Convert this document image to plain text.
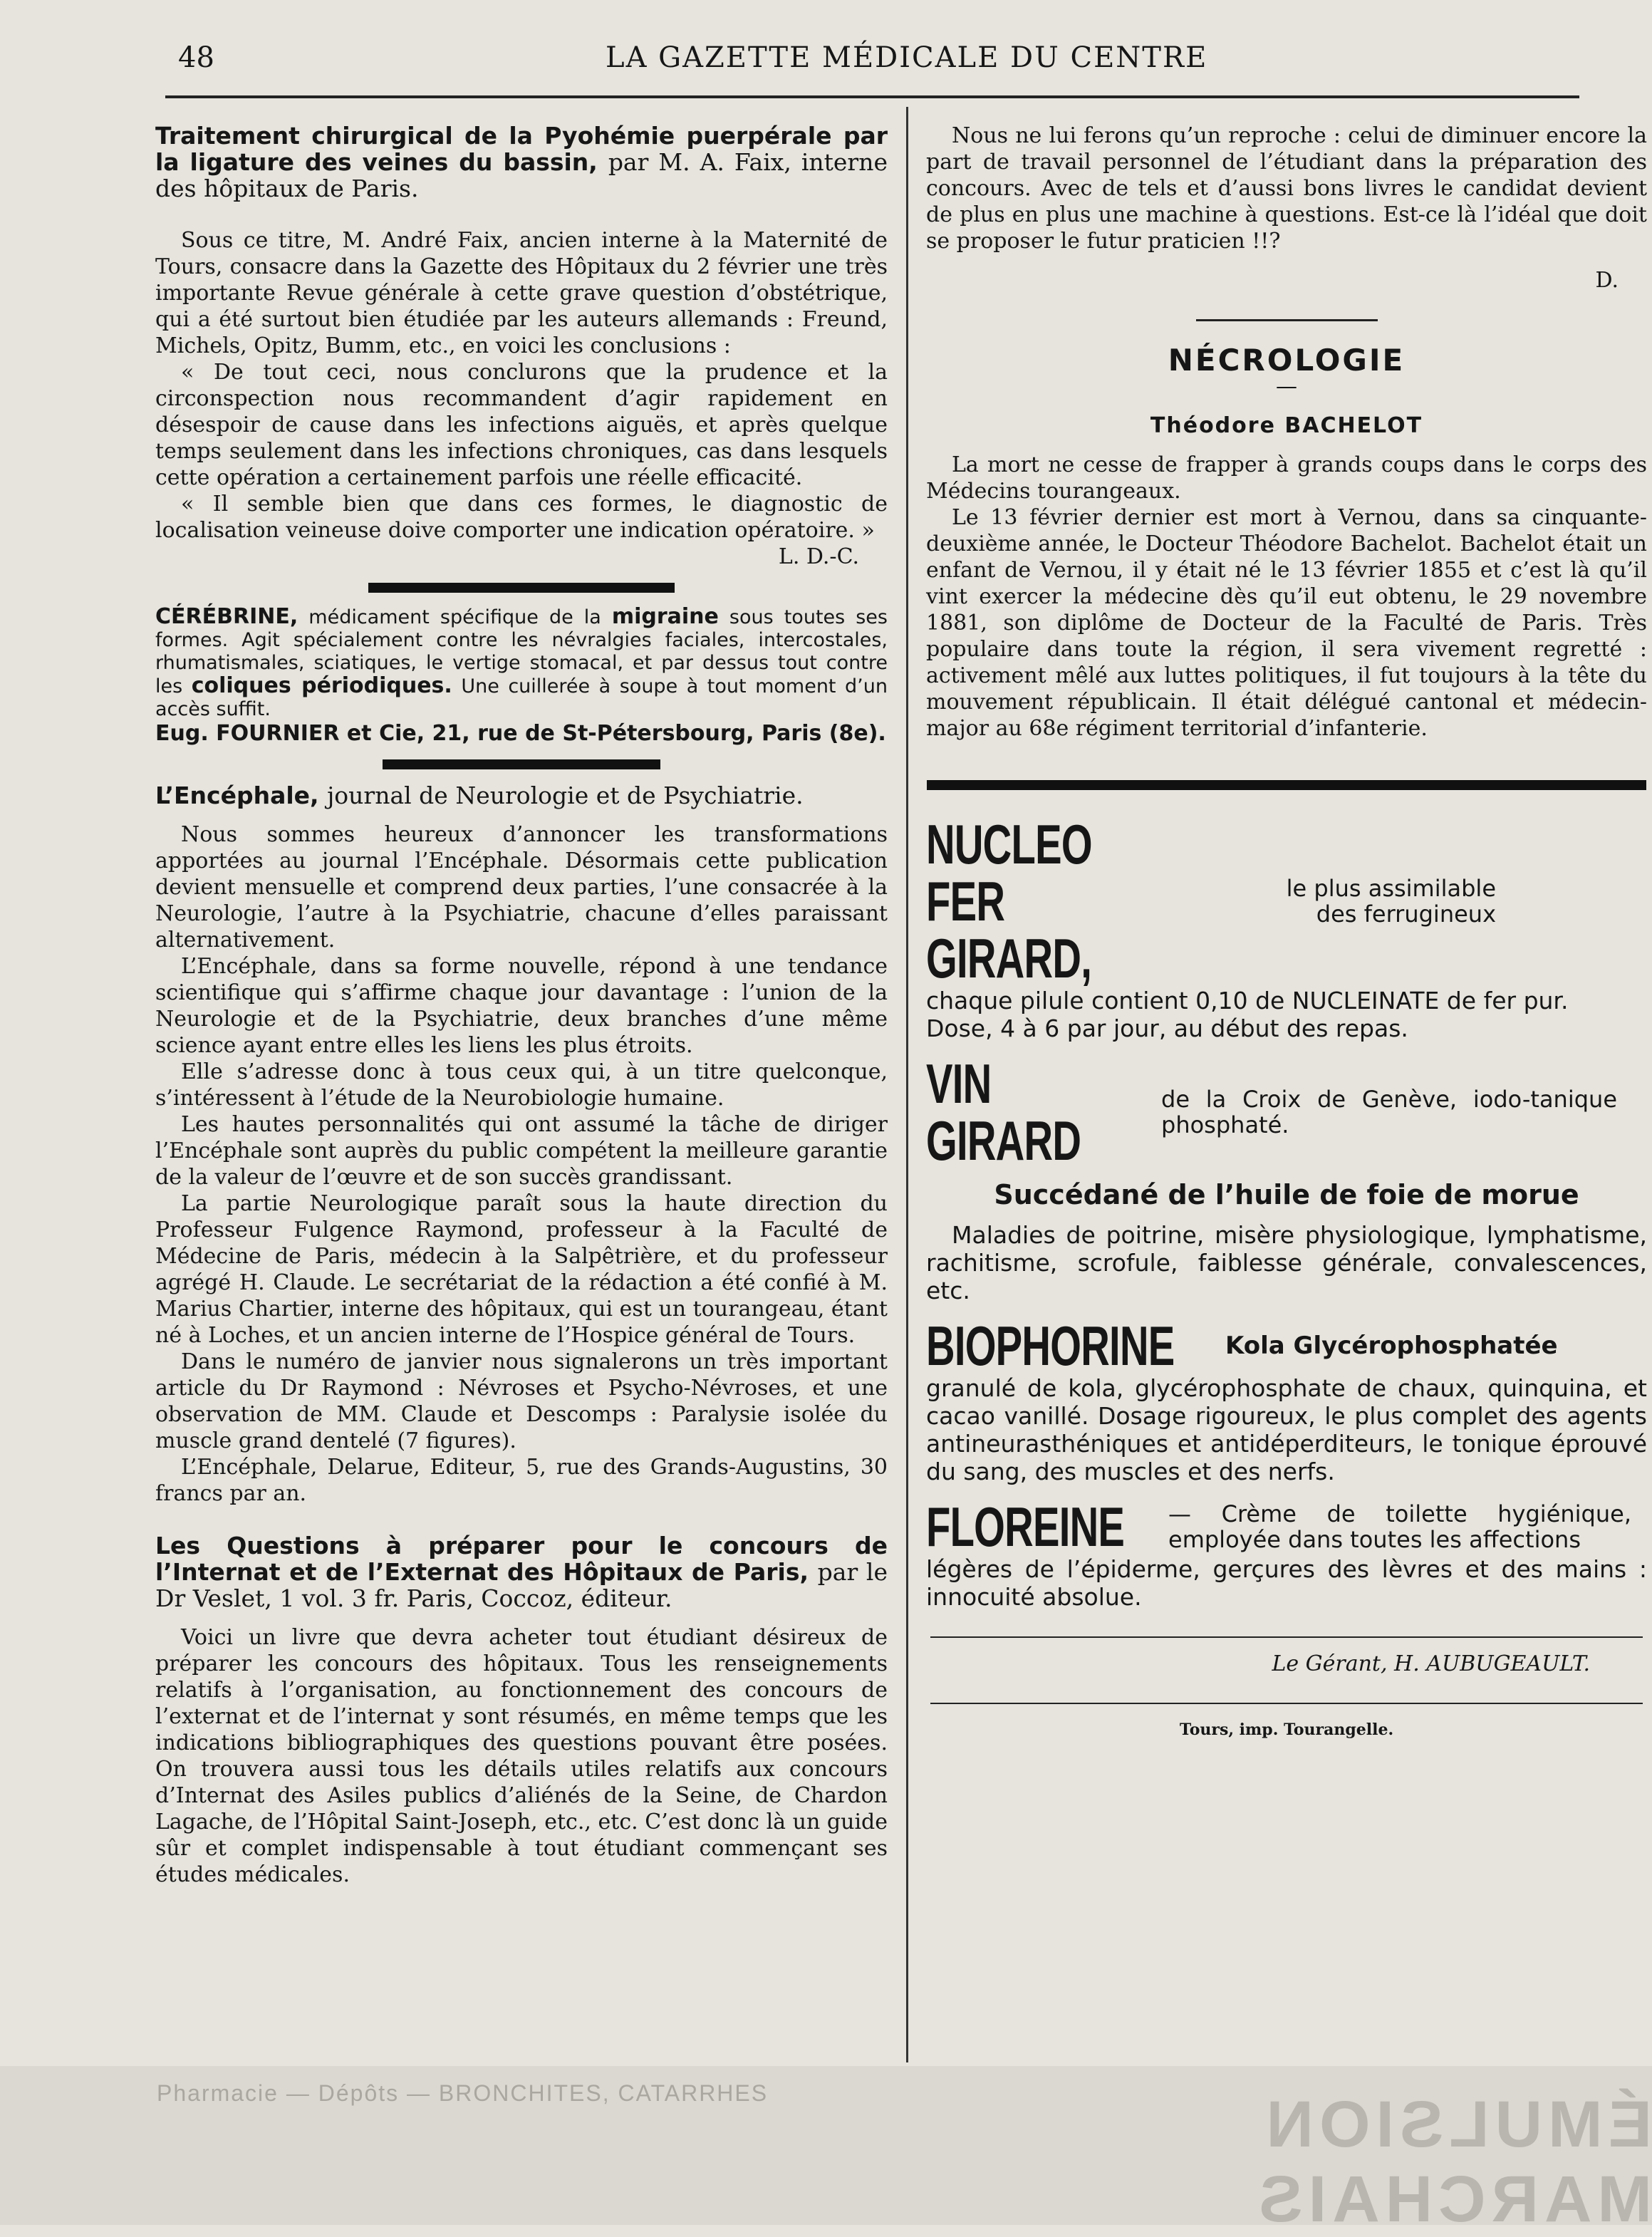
48	LA GAZETTE MÉDICALE DU CENTRE

Traitement chirurgical de la Pyohémie puerpérale par la ligature des veines du bassin, par M. A. Faix, interne des hôpitaux de Paris.

Sous ce titre, M. André Faix, ancien interne à la Maternité de Tours, consacre dans la Gazette des Hôpitaux du 2 février une très importante Revue générale à cette grave question d’obstétrique, qui a été surtout bien étudiée par les auteurs allemands : Freund, Michels, Opitz, Bumm, etc., en voici les conclusions :

« De tout ceci, nous conclurons que la prudence et la circonspection nous recommandent d’agir rapidement en désespoir de cause dans les infections aiguës, et après quelque temps seulement dans les infections chroniques, cas dans lesquels cette opération a certainement parfois une réelle efficacité.

« Il semble bien que dans ces formes, le diagnostic de localisation veineuse doive comporter une indication opératoire. »

L. D.-C.

CÉRÉBRINE, médicament spécifique de la migraine sous toutes ses formes. Agit spécialement contre les névralgies faciales, intercostales, rhumatismales, sciatiques, le vertige stomacal, et par dessus tout contre les coliques périodiques. Une cuillerée à soupe à tout moment d’un accès suffit.

Eug. FOURNIER et Cie, 21, rue de St-Pétersbourg, Paris (8e).

L’Encéphale, journal de Neurologie et de Psychiatrie.

Nous sommes heureux d’annoncer les transformations apportées au journal l’Encéphale. Désormais cette publication devient mensuelle et comprend deux parties, l’une consacrée à la Neurologie, l’autre à la Psychiatrie, chacune d’elles paraissant alternativement.

L’Encéphale, dans sa forme nouvelle, répond à une tendance scientifique qui s’affirme chaque jour davantage : l’union de la Neurologie et de la Psychiatrie, deux branches d’une même science ayant entre elles les liens les plus étroits.

Elle s’adresse donc à tous ceux qui, à un titre quelconque, s’intéressent à l’étude de la Neurobiologie humaine.

Les hautes personnalités qui ont assumé la tâche de diriger l’Encéphale sont auprès du public compétent la meilleure garantie de la valeur de l’œuvre et de son succès grandissant.

La partie Neurologique paraît sous la haute direction du Professeur Fulgence Raymond, professeur à la Faculté de Médecine de Paris, médecin à la Salpêtrière, et du professeur agrégé H. Claude. Le secrétariat de la rédaction a été confié à M. Marius Chartier, interne des hôpitaux, qui est un tourangeau, étant né à Loches, et un ancien interne de l’Hospice général de Tours.

Dans le numéro de janvier nous signalerons un très important article du Dr Raymond : Névroses et Psycho-Névroses, et une observation de MM. Claude et Descomps : Paralysie isolée du muscle grand dentelé (7 figures).

L’Encéphale, Delarue, Editeur, 5, rue des Grands-Augustins, 30 francs par an.

Les Questions à préparer pour le concours de l’Internat et de l’Externat des Hôpitaux de Paris, par le Dr Veslet, 1 vol. 3 fr. Paris, Coccoz, éditeur.

Voici un livre que devra acheter tout étudiant désireux de préparer les concours des hôpitaux. Tous les renseignements relatifs à l’organisation, au fonctionnement des concours de l’externat et de l’internat y sont résumés, en même temps que les indications bibliographiques des questions pouvant être posées. On trouvera aussi tous les détails utiles relatifs aux concours d’Internat des Asiles publics d’aliénés de la Seine, de Chardon Lagache, de l’Hôpital Saint-Joseph, etc., etc. C’est donc là un guide sûr et complet indispensable à tout étudiant commençant ses études médicales.

Nous ne lui ferons qu’un reproche : celui de diminuer encore la part de travail personnel de l’étudiant dans la préparation des concours. Avec de tels et d’aussi bons livres le candidat devient de plus en plus une machine à questions. Est-ce là l’idéal que doit se proposer le futur praticien !!?

D.

NÉCROLOGIE

—

Théodore BACHELOT

La mort ne cesse de frapper à grands coups dans le corps des Médecins tourangeaux.

Le 13 février dernier est mort à Vernou, dans sa cinquante-deuxième année, le Docteur Théodore Bachelot. Bachelot était un enfant de Vernou, il y était né le 13 février 1855 et c’est là qu’il vint exercer la médecine dès qu’il eut obtenu, le 29 novembre 1881, son diplôme de Docteur de la Faculté de Paris. Très populaire dans toute la région, il sera vivement regretté : activement mêlé aux luttes politiques, il fut toujours à la tête du mouvement républicain. Il était délégué cantonal et médecin-major au 68e régiment territorial d’infanterie.

NUCLEO FER GIRARD,
le plus assimilable des ferrugineux

chaque pilule contient 0,10 de NUCLEINATE de fer pur.

Dose, 4 à 6 par jour, au début des repas.

VIN GIRARD
de la Croix de Genève, iodo-tanique phosphaté.

Succédané de l’huile de foie de morue

Maladies de poitrine, misère physiologique, lymphatisme, rachitisme, scrofule, faiblesse générale, convalescences, etc.

BIOPHORINE Kola Glycérophosphatée

granulé de kola, glycérophosphate de chaux, quinquina, et cacao vanillé. Dosage rigoureux, le plus complet des agents antineurasthéniques et antidéperditeurs, le tonique éprouvé du sang, des muscles et des nerfs.

FLOREINE — Crème de toilette hygiénique, employée dans toutes les affections

légères de l’épiderme, gerçures des lèvres et des mains : innocuité absolue.

Le Gérant, H. AUBUGEAULT.

Tours, imp. Tourangelle.

Pharmacie — Dépôts — BRONCHITES, CATARRHES	ÉMULSION MARCHAIS
